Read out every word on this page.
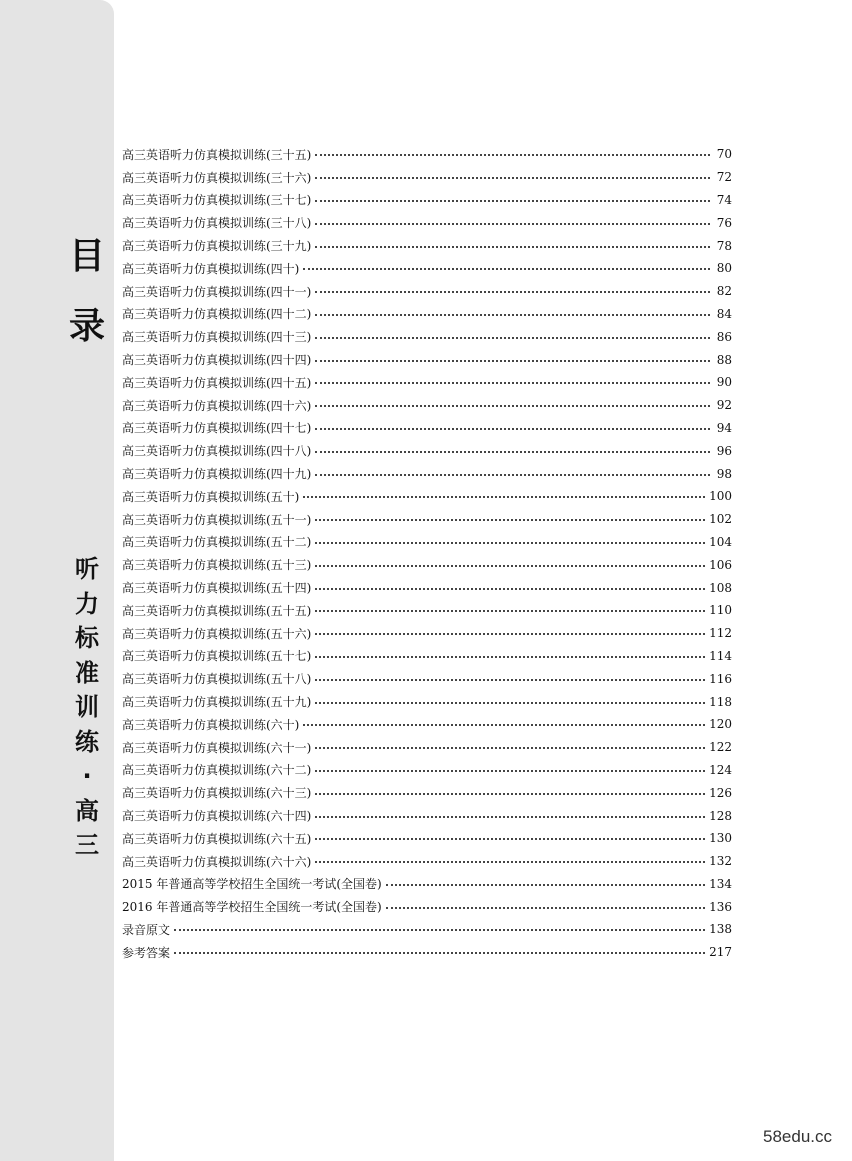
目
录
听
力
标
准
训
练
·
高
三
高三英语听力仿真模拟训练(三十五)	70
高三英语听力仿真模拟训练(三十六)	72
高三英语听力仿真模拟训练(三十七)	74
高三英语听力仿真模拟训练(三十八)	76
高三英语听力仿真模拟训练(三十九)	78
高三英语听力仿真模拟训练(四十)	80
高三英语听力仿真模拟训练(四十一)	82
高三英语听力仿真模拟训练(四十二)	84
高三英语听力仿真模拟训练(四十三)	86
高三英语听力仿真模拟训练(四十四)	88
高三英语听力仿真模拟训练(四十五)	90
高三英语听力仿真模拟训练(四十六)	92
高三英语听力仿真模拟训练(四十七)	94
高三英语听力仿真模拟训练(四十八)	96
高三英语听力仿真模拟训练(四十九)	98
高三英语听力仿真模拟训练(五十)	100
高三英语听力仿真模拟训练(五十一)	102
高三英语听力仿真模拟训练(五十二)	104
高三英语听力仿真模拟训练(五十三)	106
高三英语听力仿真模拟训练(五十四)	108
高三英语听力仿真模拟训练(五十五)	110
高三英语听力仿真模拟训练(五十六)	112
高三英语听力仿真模拟训练(五十七)	114
高三英语听力仿真模拟训练(五十八)	116
高三英语听力仿真模拟训练(五十九)	118
高三英语听力仿真模拟训练(六十)	120
高三英语听力仿真模拟训练(六十一)	122
高三英语听力仿真模拟训练(六十二)	124
高三英语听力仿真模拟训练(六十三)	126
高三英语听力仿真模拟训练(六十四)	128
高三英语听力仿真模拟训练(六十五)	130
高三英语听力仿真模拟训练(六十六)	132
2015 年普通高等学校招生全国统一考试(全国卷)	134
2016 年普通高等学校招生全国统一考试(全国卷)	136
录音原文	138
参考答案	217
58edu.cc
